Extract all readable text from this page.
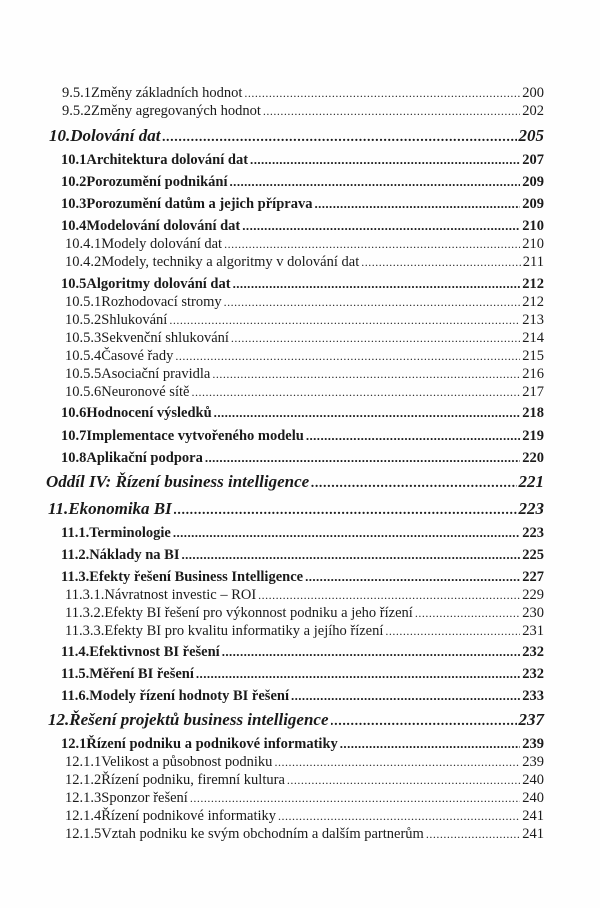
9.5.1 Změny základních hodnot .....	200
9.5.2 Změny agregovaných hodnot .....	202
10. Dolování dat .....	205
10.1 Architektura dolování dat .....	207
10.2 Porozumění podnikání .....	209
10.3 Porozumění datům a jejich příprava .....	209
10.4 Modelování dolování dat .....	210
10.4.1 Modely dolování dat .....	210
10.4.2 Modely, techniky a algoritmy v dolování dat .....	211
10.5 Algoritmy dolování dat .....	212
10.5.1 Rozhodovací stromy .....	212
10.5.2 Shlukování .....	213
10.5.3 Sekvenční shlukování .....	214
10.5.4 Časové řady .....	215
10.5.5 Asociační pravidla .....	216
10.5.6 Neuronové sítě .....	217
10.6 Hodnocení výsledků .....	218
10.7 Implementace vytvořeného modelu .....	219
10.8 Aplikační podpora .....	220
Oddíl IV: Řízení business intelligence .....	221
11. Ekonomika BI .....	223
11.1. Terminologie .....	223
11.2. Náklady na BI .....	225
11.3. Efekty řešení Business Intelligence .....	227
11.3.1. Návratnost investic – ROI .....	229
11.3.2. Efekty BI řešení pro výkonnost podniku a jeho řízení .....	230
11.3.3. Efekty BI pro kvalitu informatiky a jejího řízení .....	231
11.4. Efektivnost BI řešení .....	232
11.5. Měření BI řešení .....	232
11.6. Modely řízení hodnoty BI řešení .....	233
12. Řešení projektů business intelligence .....	237
12.1 Řízení podniku a podnikové informatiky .....	239
12.1.1 Velikost a působnost podniku .....	239
12.1.2 Řízení podniku, firemní kultura .....	240
12.1.3 Sponzor řešení .....	240
12.1.4 Řízení podnikové informatiky .....	241
12.1.5 Vztah podniku ke svým obchodním a dalším partnerům .....	241
